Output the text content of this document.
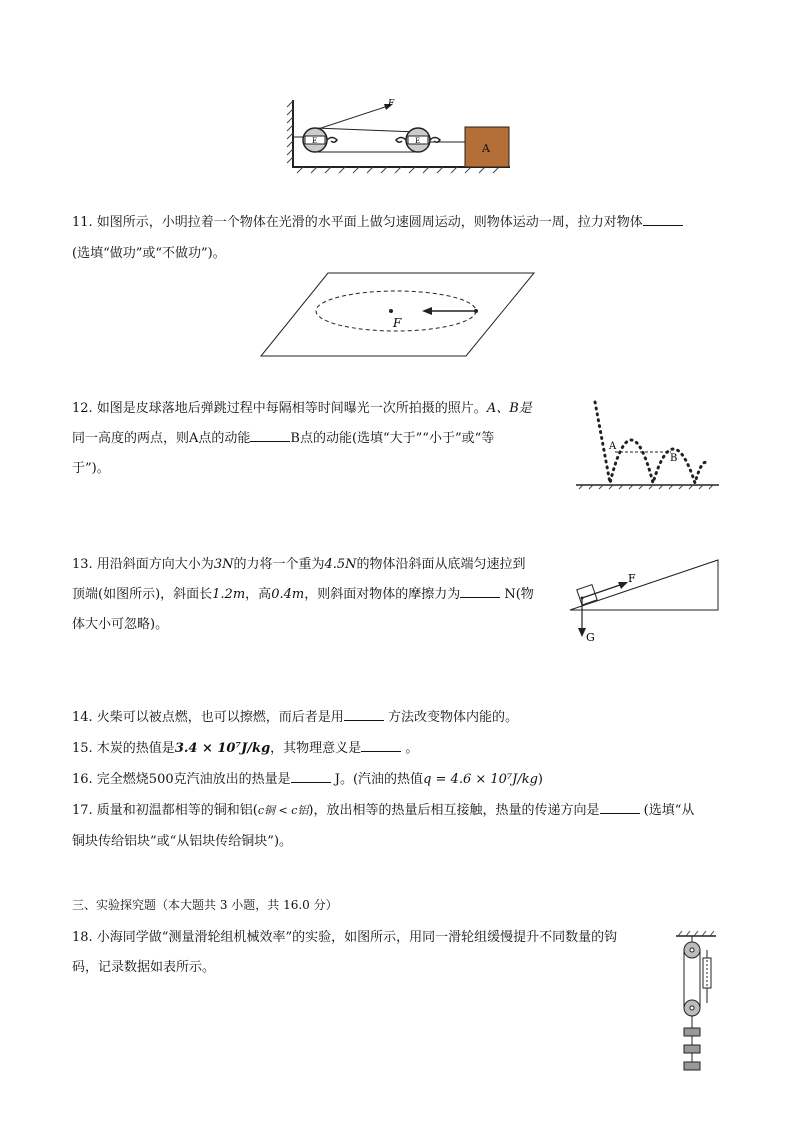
F
E	E
A
11. 如图所示，小明拉着一个物体在光滑的水平面上做匀速圆周运动，则物体运动一周，拉力对物体
(选填“做功”或“不做功”)。
F
12. 如图是皮球落地后弹跳过程中每隔相等时间曝光一次所拍摄的照片。A、B是
同一高度的两点，则A点的动能	B点的动能(选填“大于”“小于”或“等
于”)。
A
B
13. 用沿斜面方向大小为3N的力将一个重为4.5N的物体沿斜面从底端匀速拉到
顶端(如图所示)，斜面长1.2m，高0.4m，则斜面对物体的摩擦力为	N(物
体大小可忽略)。
F
G
14. 火柴可以被点燃，也可以擦燃，而后者是用	方法改变物体内能的。
15. 木炭的热值是3.4 × 10⁷J/kg，其物理意义是	。
16. 完全燃烧500克汽油放出的热量是	J。(汽油的热值q = 4.6 × 10⁷J/kg)
17. 质量和初温都相等的铜和铝(c铜 < c铝)，放出相等的热量后相互接触，热量的传递方向是	(选填“从
铜块传给铝块”或“从铝块传给铜块”)。
三、实验探究题（本大题共 3 小题，共 16.0 分）
18. 小海同学做“测量滑轮组机械效率”的实验，如图所示，用同一滑轮组缓慢提升不同数量的钩
码，记录数据如表所示。
